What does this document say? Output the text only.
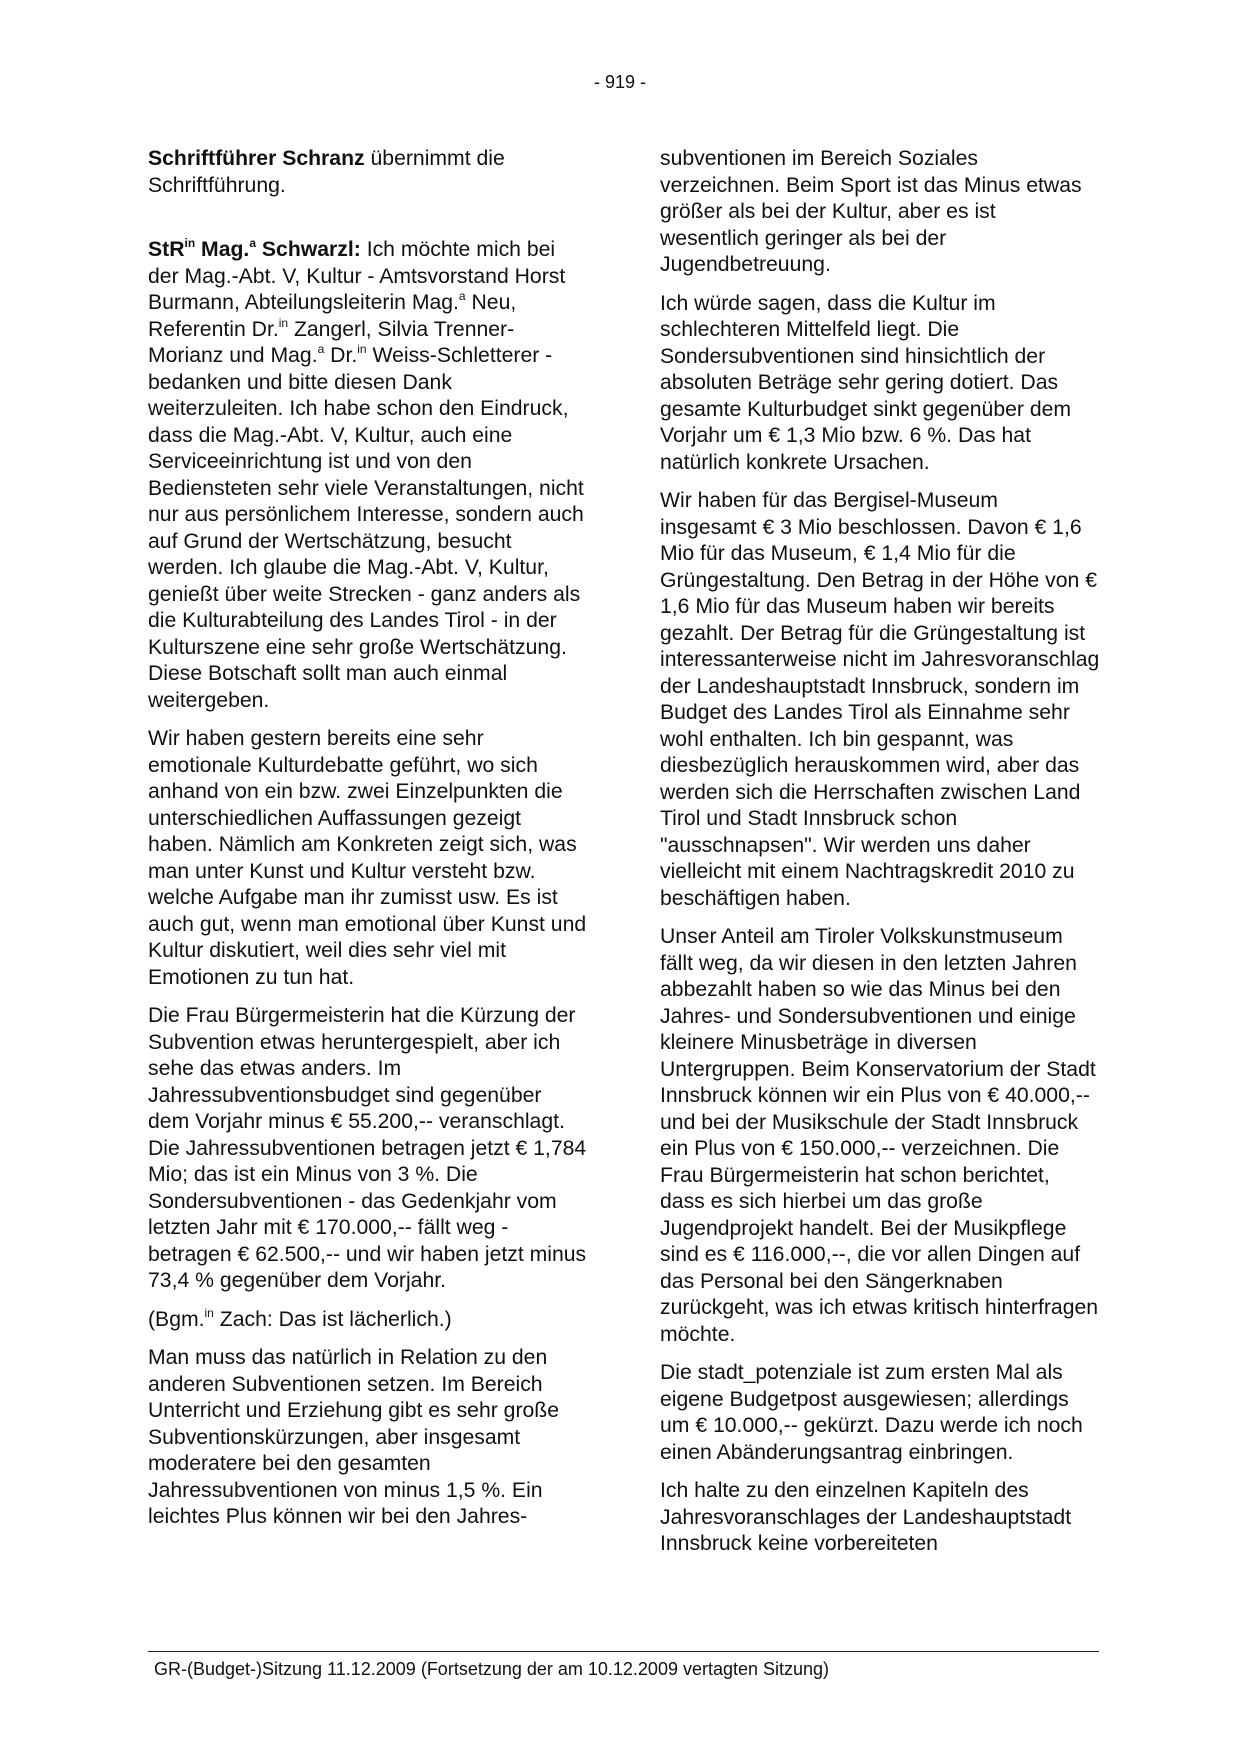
- 919 -

Schriftführer Schranz übernimmt die Schriftführung.

StR$^{in}$ Mag.$^a$ Schwarzl: Ich möchte mich bei der Mag.-Abt. V, Kultur - Amtsvorstand Horst Burmann, Abteilungsleiterin Mag.$^a$ Neu, Referentin Dr.$^{in}$ Zangerl, Silvia Trenner-Morianz und Mag.$^a$ Dr.$^{in}$ Weiss-Schletterer - bedanken und bitte diesen Dank weiterzuleiten. Ich habe schon den Eindruck, dass die Mag.-Abt. V, Kultur, auch eine Serviceeinrichtung ist und von den Bediensteten sehr viele Veranstaltungen, nicht nur aus persönlichem Interesse, sondern auch auf Grund der Wertschätzung, besucht werden. Ich glaube die Mag.-Abt. V, Kultur, genießt über weite Strecken - ganz anders als die Kulturabteilung des Landes Tirol - in der Kulturszene eine sehr große Wertschätzung. Diese Botschaft sollt man auch einmal weitergeben.

Wir haben gestern bereits eine sehr emotionale Kulturdebatte geführt, wo sich anhand von ein bzw. zwei Einzelpunkten die unterschiedlichen Auffassungen gezeigt haben. Nämlich am Konkreten zeigt sich, was man unter Kunst und Kultur versteht bzw. welche Aufgabe man ihr zumisst usw. Es ist auch gut, wenn man emotional über Kunst und Kultur diskutiert, weil dies sehr viel mit Emotionen zu tun hat.

Die Frau Bürgermeisterin hat die Kürzung der Subvention etwas heruntergespielt, aber ich sehe das etwas anders. Im Jahressubventionsbudget sind gegenüber dem Vorjahr minus € 55.200,-- veranschlagt. Die Jahressubventionen betragen jetzt € 1,784 Mio; das ist ein Minus von 3 %. Die Sondersubventionen - das Gedenkjahr vom letzten Jahr mit € 170.000,-- fällt weg - betragen € 62.500,-- und wir haben jetzt minus 73,4 % gegenüber dem Vorjahr.

(Bgm.$^{in}$ Zach: Das ist lächerlich.)

Man muss das natürlich in Relation zu den anderen Subventionen setzen. Im Bereich Unterricht und Erziehung gibt es sehr große Subventionskürzungen, aber insgesamt moderatere bei den gesamten Jahressubventionen von minus 1,5 %. Ein leichtes Plus können wir bei den Jahres-

subventionen im Bereich Soziales verzeichnen. Beim Sport ist das Minus etwas größer als bei der Kultur, aber es ist wesentlich geringer als bei der Jugendbetreuung.

Ich würde sagen, dass die Kultur im schlechteren Mittelfeld liegt. Die Sondersubventionen sind hinsichtlich der absoluten Beträge sehr gering dotiert. Das gesamte Kulturbudget sinkt gegenüber dem Vorjahr um € 1,3 Mio bzw. 6 %. Das hat natürlich konkrete Ursachen.

Wir haben für das Bergisel-Museum insgesamt € 3 Mio beschlossen. Davon € 1,6 Mio für das Museum, € 1,4 Mio für die Grüngestaltung. Den Betrag in der Höhe von € 1,6 Mio für das Museum haben wir bereits gezahlt. Der Betrag für die Grüngestaltung ist interessanterweise nicht im Jahresvoranschlag der Landeshauptstadt Innsbruck, sondern im Budget des Landes Tirol als Einnahme sehr wohl enthalten. Ich bin gespannt, was diesbezüglich herauskommen wird, aber das werden sich die Herrschaften zwischen Land Tirol und Stadt Innsbruck schon "ausschnapsen". Wir werden uns daher vielleicht mit einem Nachtragskredit 2010 zu beschäftigen haben.

Unser Anteil am Tiroler Volkskunstmuseum fällt weg, da wir diesen in den letzten Jahren abbezahlt haben so wie das Minus bei den Jahres- und Sondersubventionen und einige kleinere Minusbeträge in diversen Untergruppen. Beim Konservatorium der Stadt Innsbruck können wir ein Plus von € 40.000,-- und bei der Musikschule der Stadt Innsbruck ein Plus von € 150.000,-- verzeichnen. Die Frau Bürgermeisterin hat schon berichtet, dass es sich hierbei um das große Jugendprojekt handelt. Bei der Musikpflege sind es € 116.000,--, die vor allen Dingen auf das Personal bei den Sängerknaben zurückgeht, was ich etwas kritisch hinterfragen möchte.

Die stadt_potenziale ist zum ersten Mal als eigene Budgetpost ausgewiesen; allerdings um € 10.000,-- gekürzt. Dazu werde ich noch einen Abänderungsantrag einbringen.

Ich halte zu den einzelnen Kapiteln des Jahresvoranschlages der Landeshauptstadt Innsbruck keine vorbereiteten

GR-(Budget-)Sitzung 11.12.2009 (Fortsetzung der am 10.12.2009 vertagten Sitzung)
